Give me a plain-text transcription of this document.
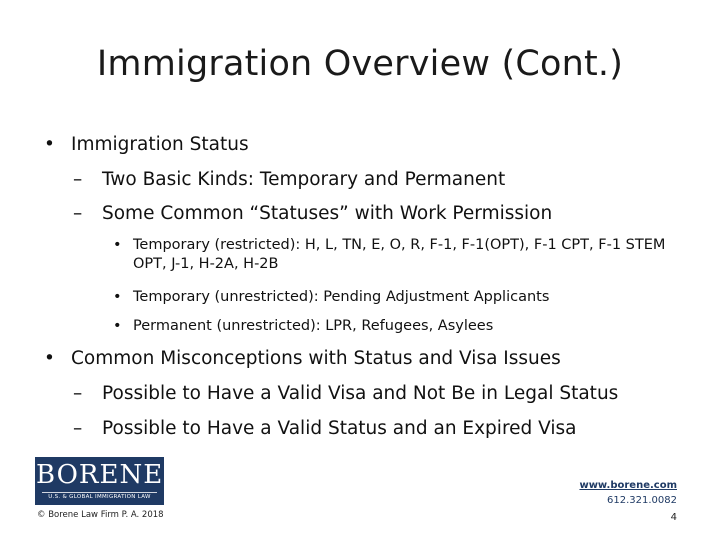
Immigration Overview (Cont.)
• Immigration Status
– Two Basic Kinds: Temporary and Permanent
– Some Common “Statuses” with Work Permission
• Temporary (restricted): H, L, TN, E, O, R, F-1, F-1(OPT), F-1 CPT, F-1 STEM OPT, J-1, H-2A, H-2B
• Temporary (unrestricted): Pending Adjustment Applicants
• Permanent (unrestricted): LPR, Refugees, Asylees
• Common Misconceptions with Status and Visa Issues
– Possible to Have a Valid Visa and Not Be in Legal Status
– Possible to Have a Valid Status and an Expired Visa
BORENE
U.S. & GLOBAL IMMIGRATION LAW
© Borene Law Firm P. A. 2018
www.borene.com
612.321.0082
4
